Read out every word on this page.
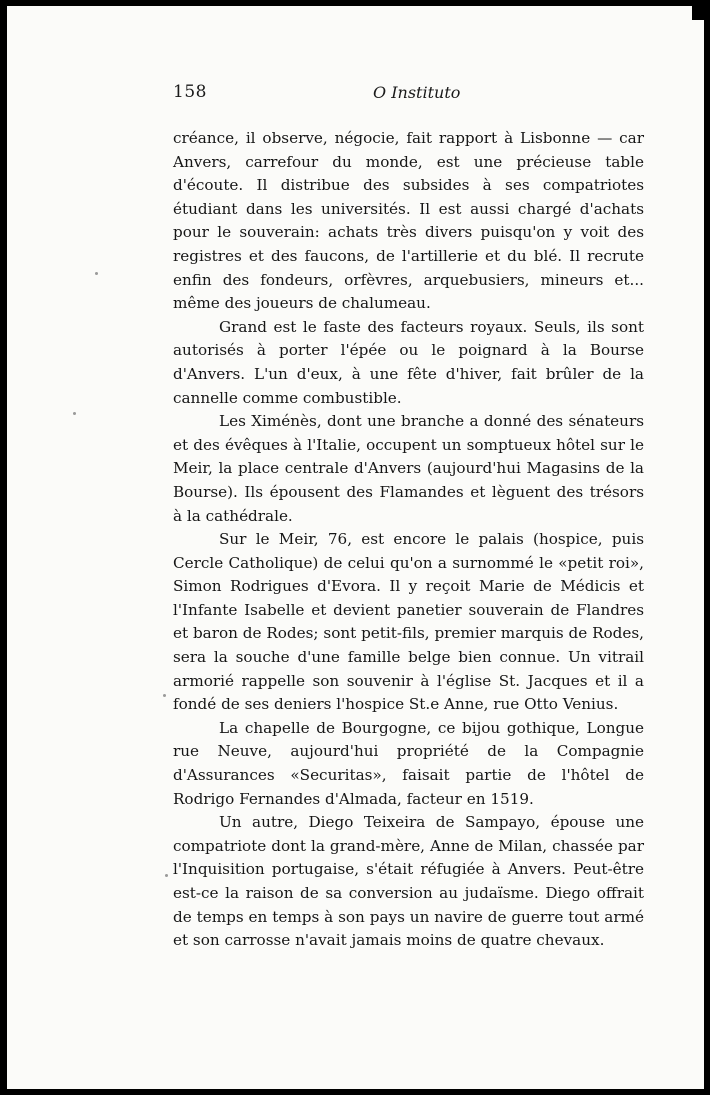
158	O Instituto

créance, il observe, négocie, fait rapport à Lisbonne — car Anvers, carrefour du monde, est une précieuse table d'écoute. Il distribue des subsides à ses compatriotes étudiant dans les universités. Il est aussi chargé d'achats pour le souverain: achats très divers puisqu'on y voit des registres et des faucons, de l'artillerie et du blé. Il recrute enfin des fondeurs, orfèvres, arquebusiers, mineurs et... même des joueurs de chalumeau.

Grand est le faste des facteurs royaux. Seuls, ils sont autorisés à porter l'épée ou le poignard à la Bourse d'Anvers. L'un d'eux, à une fête d'hiver, fait brûler de la cannelle comme combustible.

Les Ximénès, dont une branche a donné des sénateurs et des évêques à l'Italie, occupent un somptueux hôtel sur le Meir, la place centrale d'Anvers (aujourd'hui Magasins de la Bourse). Ils épousent des Flamandes et lèguent des trésors à la cathédrale.

Sur le Meir, 76, est encore le palais (hospice, puis Cercle Catholique) de celui qu'on a surnommé le «petit roi», Simon Rodrigues d'Evora. Il y reçoit Marie de Médicis et l'Infante Isabelle et devient panetier souverain de Flandres et baron de Rodes; sont petit-fils, premier marquis de Rodes, sera la souche d'une famille belge bien connue. Un vitrail armorié rappelle son souvenir à l'église St. Jacques et il a fondé de ses deniers l'hospice St.e Anne, rue Otto Venius.

La chapelle de Bourgogne, ce bijou gothique, Longue rue Neuve, aujourd'hui propriété de la Compagnie d'Assurances «Securitas», faisait partie de l'hôtel de Rodrigo Fernandes d'Almada, facteur en 1519.

Un autre, Diego Teixeira de Sampayo, épouse une compatriote dont la grand-mère, Anne de Milan, chassée par l'Inquisition portugaise, s'était réfugiée à Anvers. Peut-être est-ce la raison de sa conversion au judaïsme. Diego offrait de temps en temps à son pays un navire de guerre tout armé et son carrosse n'avait jamais moins de quatre chevaux.
